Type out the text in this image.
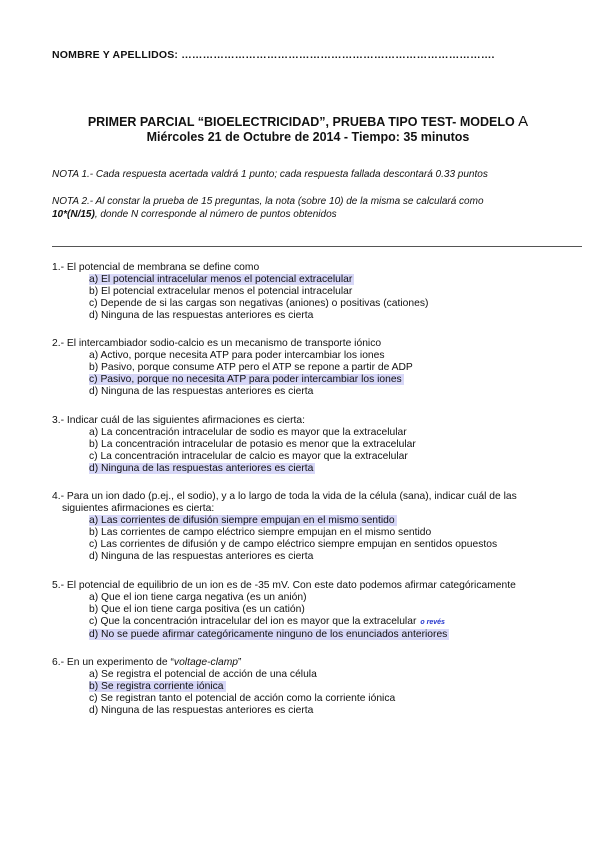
NOMBRE Y APELLIDOS: …………………………………………………………………………….
PRIMER PARCIAL “BIOELECTRICIDAD”, PRUEBA TIPO TEST- MODELO A
Miércoles 21 de Octubre de 2014 - Tiempo: 35 minutos
NOTA 1.- Cada respuesta acertada valdrá 1 punto; cada respuesta fallada descontará 0.33 puntos
NOTA 2.- Al constar la prueba de 15 preguntas, la nota (sobre 10) de la misma se calculará como
10*(N/15), donde N corresponde al número de puntos obtenidos
1.- El potencial de membrana se define como
a) El potencial intracelular menos el potencial extracelular
b) El potencial extracelular menos el potencial intracelular
c) Depende de si las cargas son negativas (aniones) o positivas (cationes)
d) Ninguna de las respuestas anteriores es cierta
2.- El intercambiador sodio-calcio es un mecanismo de transporte iónico
a) Activo, porque necesita ATP para poder intercambiar los iones
b) Pasivo, porque consume ATP pero el ATP se repone a partir de ADP
c) Pasivo, porque no necesita ATP para poder intercambiar los iones
d) Ninguna de las respuestas anteriores es cierta
3.- Indicar cuál de las siguientes afirmaciones es cierta:
a) La concentración intracelular de sodio es mayor que la extracelular
b) La concentración intracelular de potasio es menor que la extracelular
c) La concentración intracelular de calcio es mayor que la extracelular
d) Ninguna de las respuestas anteriores es cierta
4.- Para un ion dado (p.ej., el sodio), y a lo largo de toda la vida de la célula (sana), indicar cuál de las
siguientes afirmaciones es cierta:
a) Las corrientes de difusión siempre empujan en el mismo sentido
b) Las corrientes de campo eléctrico siempre empujan en el mismo sentido
c) Las corrientes de difusión y de campo eléctrico siempre empujan en sentidos opuestos
d) Ninguna de las respuestas anteriores es cierta
5.- El potencial de equilibrio de un ion es de -35 mV. Con este dato podemos afirmar categóricamente
a) Que el ion tiene carga negativa (es un anión)
b) Que el ion tiene carga positiva (es un catión)
c) Que la concentración intracelular del ion es mayor que la extracelular o revés
d) No se puede afirmar categóricamente ninguno de los enunciados anteriores
6.- En un experimento de “voltage-clamp”
a) Se registra el potencial de acción de una célula
b) Se registra corriente iónica
c) Se registran tanto el potencial de acción como la corriente iónica
d) Ninguna de las respuestas anteriores es cierta
